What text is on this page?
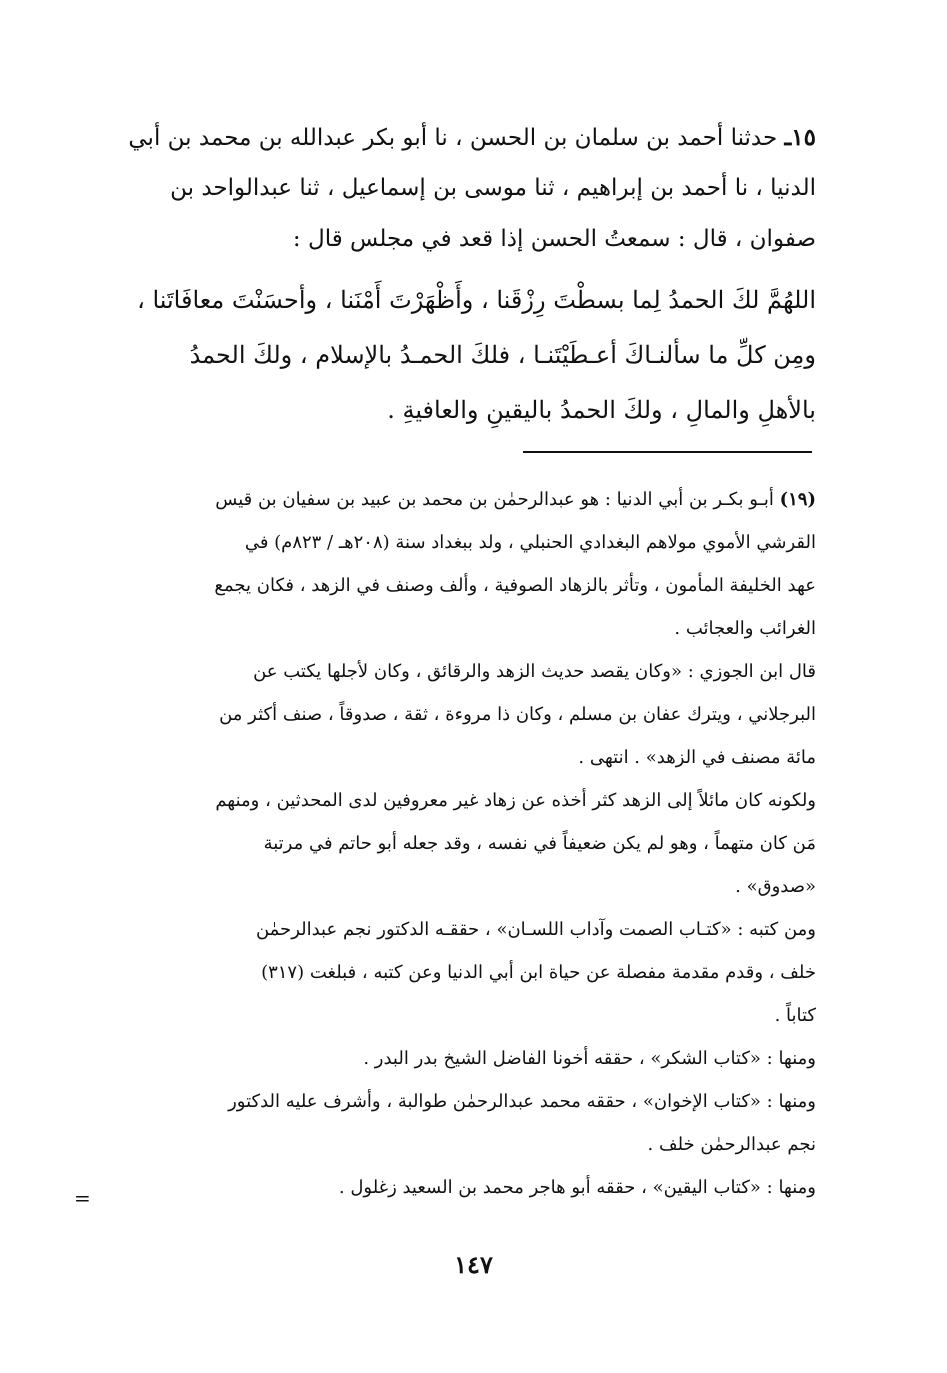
١٥ـ حدثنا أحمد بن سلمان بن الحسن ، نا أبو بكر عبدالله بن محمد بن أبي
الدنيا ، نا أحمد بن إبراهيم ، ثنا موسى بن إسماعيل ، ثنا عبدالواحد بن
صفوان ، قال : سمعتُ الحسن إذا قعد في مجلس قال :
اللهُمَّ لكَ الحمدُ لِما بسطْتَ رِزْقَنا ، وأَظْهَرْتَ أَمْنَنا ، وأحسَنْتَ معافَاتَنا ،
ومِن كلِّ ما سألنـاكَ أعـطَيْتَنـا ، فلكَ الحمـدُ بالإسلام ، ولكَ الحمدُ
بالأهلِ والمالِ ، ولكَ الحمدُ باليقينِ والعافيةِ .
(١٩) أبـو بكـر بن أبي الدنيا : هو عبدالرحمٰن بن محمد بن عبيد بن سفيان بن قيس
القرشي الأموي مولاهم البغدادي الحنبلي ، ولد ببغداد سنة (٢٠٨هـ / ٨٢٣م) في
عهد الخليفة المأمون ، وتأثر بالزهاد الصوفية ، وألف وصنف في الزهد ، فكان يجمع
الغرائب والعجائب .
قال ابن الجوزي : «وكان يقصد حديث الزهد والرقائق ، وكان لأجلها يكتب عن
البرجلاني ، ويترك عفان بن مسلم ، وكان ذا مروءة ، ثقة ، صدوقاً ، صنف أكثر من
مائة مصنف في الزهد» . انتهى .
ولكونه كان مائلاً إلى الزهد كثر أخذه عن زهاد غير معروفين لدى المحدثين ، ومنهم
مَن كان متهماً ، وهو لم يكن ضعيفاً في نفسه ، وقد جعله أبو حاتم في مرتبة
«صدوق» .
ومن كتبه : «كتـاب الصمت وآداب اللسـان» ، حققـه الدكتور نجم عبدالرحمٰن
خلف ، وقدم مقدمة مفصلة عن حياة ابن أبي الدنيا وعن كتبه ، فبلغت (٣١٧)
كتاباً .
ومنها : «كتاب الشكر» ، حققه أخونا الفاضل الشيخ بدر البدر .
ومنها : «كتاب الإخوان» ، حققه محمد عبدالرحمٰن طوالبة ، وأشرف عليه الدكتور
نجم عبدالرحمٰن خلف .
ومنها : «كتاب اليقين» ، حققه أبو هاجر محمد بن السعيد زغلول .
=
١٤٧
